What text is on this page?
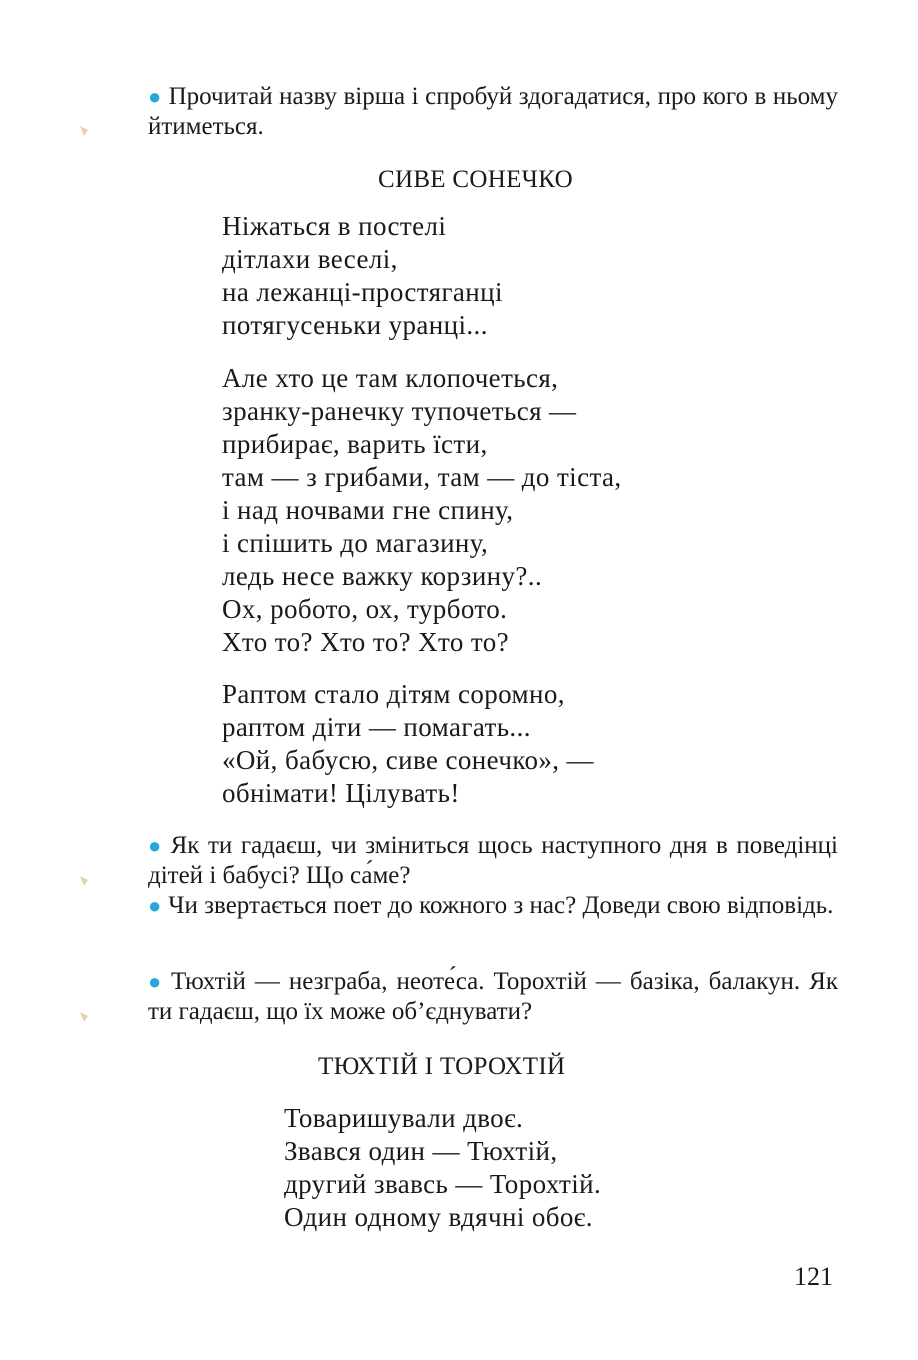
● Прочитай назву вірша і спробуй здогадатися, про кого в ньому йтиметься.

СИВЕ СОНЕЧКО
Ніжаться в постелі
дітлахи веселі,
на лежанці-простяганці
потягусеньки уранці...
Але хто це там клопочеться,
зранку-ранечку тупочеться —
прибирає, варить їсти,
там — з грибами, там — до тіста,
і над ночвами гне спину,
і спішить до магазину,
ледь несе важку корзину?..
Ох, робото, ох, турбото.
Хто то? Хто то? Хто то?
Раптом стало дітям соромно,
раптом діти — помагать...
«Ой, бабусю, сиве сонечко», —
обнімати! Цілувать!

● Як ти гадаєш, чи зміниться щось наступного дня в поведінці дітей і бабусі? Що са́ме?

● Чи звертається поет до кожного з нас? Доведи свою відповідь.

● Тюхтій — незграба, неоте́са. Торохтій — базіка, балакун. Як ти гадаєш, що їх може об’єднувати?

ТЮХТІЙ І ТОРОХТІЙ
Товаришували двоє.
Звався один — Тюхтій,
другий звавсь — Торохтій.
Один одному вдячні обоє.
121
